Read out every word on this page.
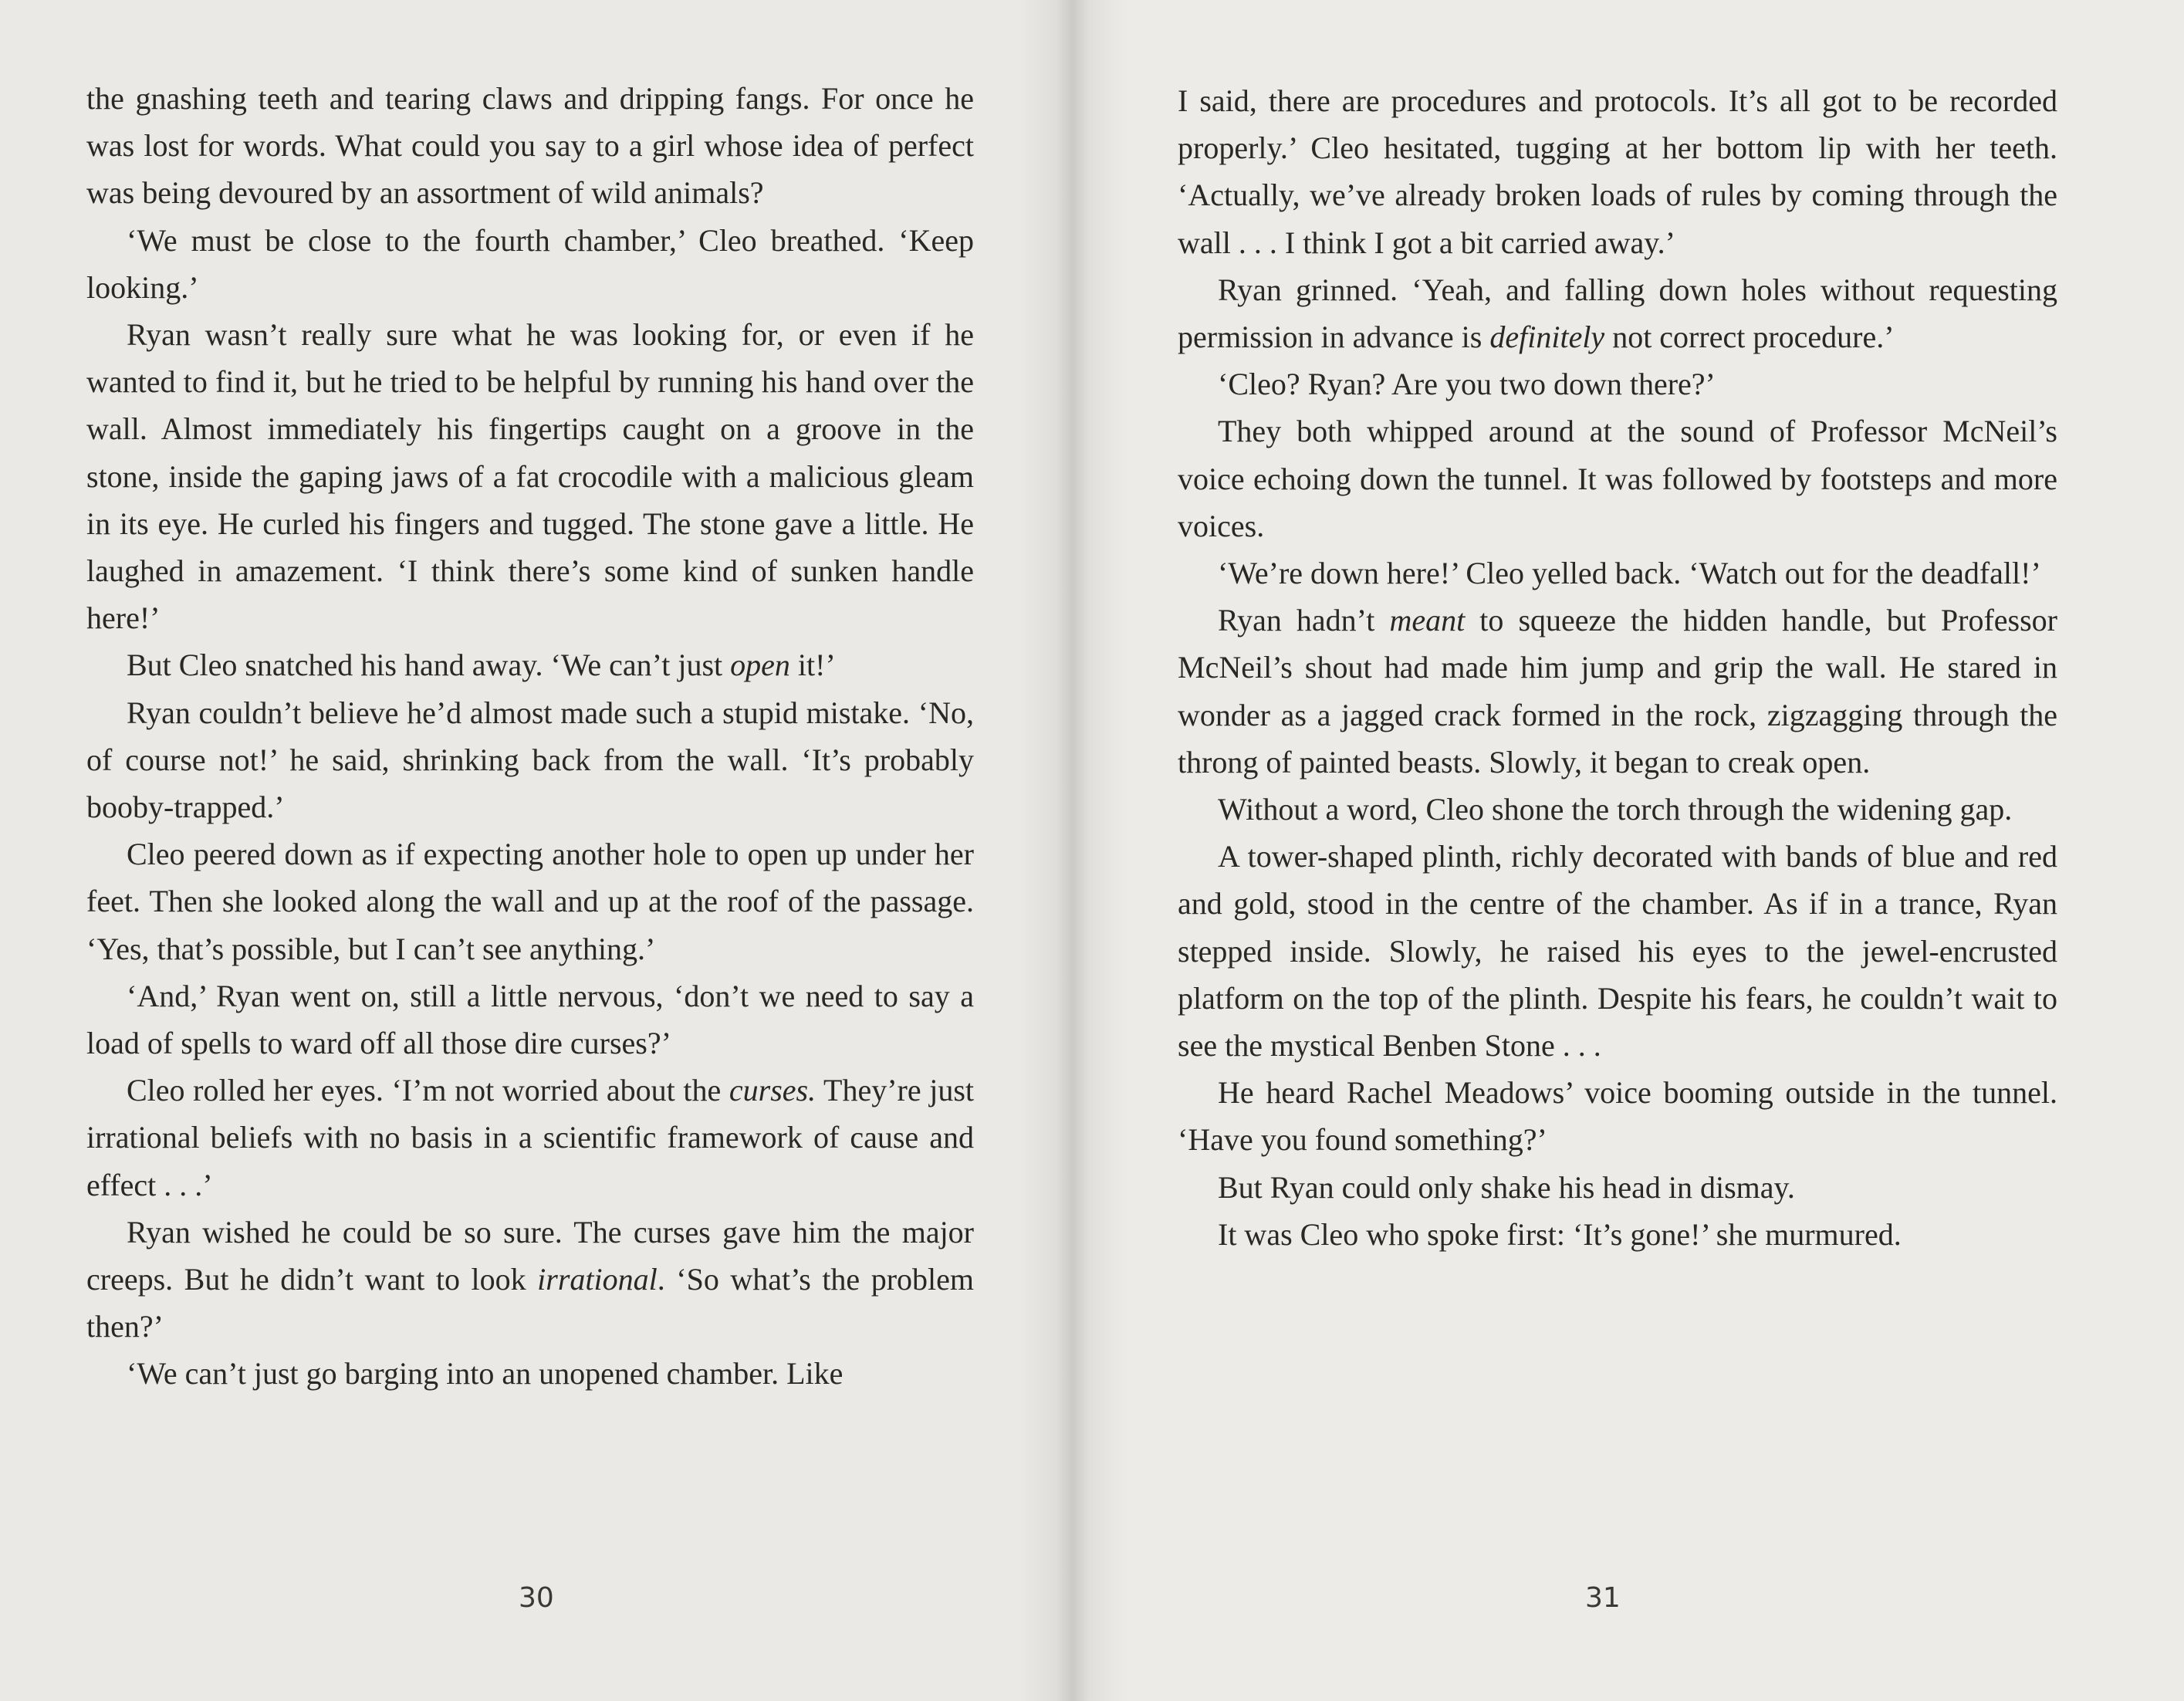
the gnashing teeth and tearing claws and dripping fangs. For once he was lost for words. What could you say to a girl whose idea of perfect was being devoured by an assortment of wild animals?

‘We must be close to the fourth chamber,’ Cleo breathed. ‘Keep looking.’

Ryan wasn’t really sure what he was looking for, or even if he wanted to find it, but he tried to be helpful by running his hand over the wall. Almost immediately his fingertips caught on a groove in the stone, inside the gaping jaws of a fat crocodile with a malicious gleam in its eye. He curled his fingers and tugged. The stone gave a little. He laughed in amazement. ‘I think there’s some kind of sunken handle here!’

But Cleo snatched his hand away. ‘We can’t just open it!’

Ryan couldn’t believe he’d almost made such a stupid mistake. ‘No, of course not!’ he said, shrinking back from the wall. ‘It’s probably booby-trapped.’

Cleo peered down as if expecting another hole to open up under her feet. Then she looked along the wall and up at the roof of the passage. ‘Yes, that’s possible, but I can’t see anything.’

‘And,’ Ryan went on, still a little nervous, ‘don’t we need to say a load of spells to ward off all those dire curses?’

Cleo rolled her eyes. ‘I’m not worried about the curses. They’re just irrational beliefs with no basis in a scientific framework of cause and effect . . .’

Ryan wished he could be so sure. The curses gave him the major creeps. But he didn’t want to look irrational. ‘So what’s the problem then?’

‘We can’t just go barging into an unopened chamber. Like

30

I said, there are procedures and protocols. It’s all got to be recorded properly.’ Cleo hesitated, tugging at her bottom lip with her teeth. ‘Actually, we’ve already broken loads of rules by coming through the wall . . . I think I got a bit carried away.’

Ryan grinned. ‘Yeah, and falling down holes without requesting permission in advance is definitely not correct procedure.’

‘Cleo? Ryan? Are you two down there?’

They both whipped around at the sound of Professor McNeil’s voice echoing down the tunnel. It was followed by footsteps and more voices.

‘We’re down here!’ Cleo yelled back. ‘Watch out for the deadfall!’

Ryan hadn’t meant to squeeze the hidden handle, but Professor McNeil’s shout had made him jump and grip the wall. He stared in wonder as a jagged crack formed in the rock, zigzagging through the throng of painted beasts. Slowly, it began to creak open.

Without a word, Cleo shone the torch through the widening gap.

A tower-shaped plinth, richly decorated with bands of blue and red and gold, stood in the centre of the chamber. As if in a trance, Ryan stepped inside. Slowly, he raised his eyes to the jewel-encrusted platform on the top of the plinth. Despite his fears, he couldn’t wait to see the mystical Benben Stone . . .

He heard Rachel Meadows’ voice booming outside in the tunnel. ‘Have you found something?’

But Ryan could only shake his head in dismay.

It was Cleo who spoke first: ‘It’s gone!’ she murmured.

31
